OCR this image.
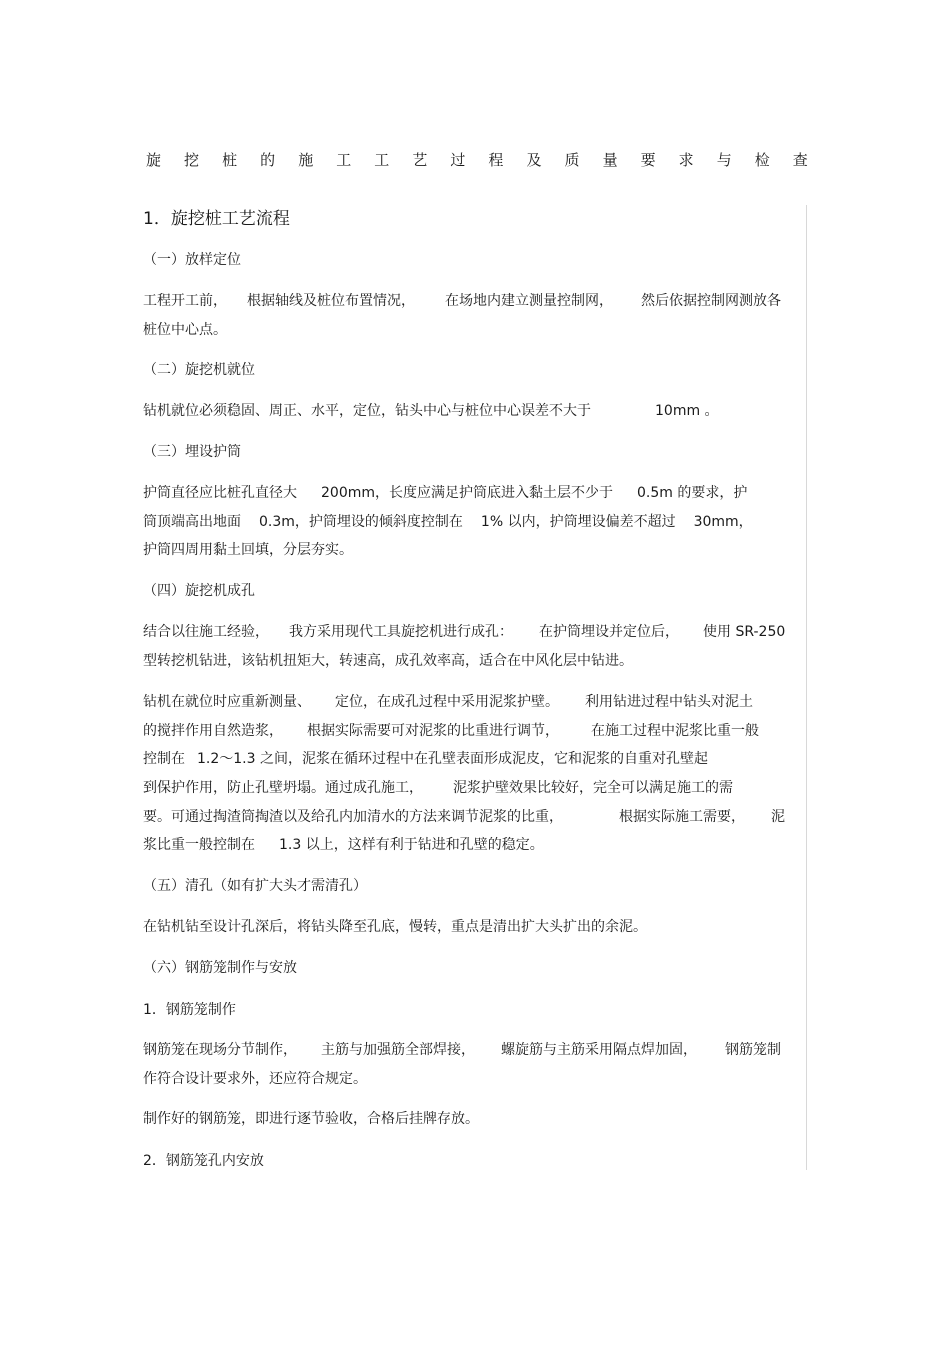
旋 挖 桩 的 施 工 工 艺 过 程 及 质 量 要 求 与 检 查
1．旋挖桩工艺流程
（一）放样定位
工程开工前， 根据轴线及桩位布置情况， 在场地内建立测量控制网， 然后依据控制网测放各
桩位中心点。
（二）旋挖机就位
钻机就位必须稳固、周正、水平，定位，钻头中心与桩位中心误差不大于	10mm 。
（三）埋设护筒
护筒直径应比桩孔直径大 200mm，长度应满足护筒底进入黏土层不少于 0.5m 的要求，护
筒顶端高出地面 0.3m，护筒埋设的倾斜度控制在 1% 以内，护筒埋设偏差不超过 30mm，
护筒四周用黏土回填，分层夯实。
（四）旋挖机成孔
结合以往施工经验， 我方采用现代工具旋挖机进行成孔： 在护筒埋设并定位后， 使用 SR-250
型转挖机钻进，该钻机扭矩大，转速高，成孔效率高，适合在中风化层中钻进。
钻机在就位时应重新测量、 定位，在成孔过程中采用泥浆护壁。 利用钻进过程中钻头对泥土
的搅拌作用自然造浆， 根据实际需要可对泥浆的比重进行调节， 在施工过程中泥浆比重一般
控制在 1.2～1.3 之间，泥浆在循环过程中在孔壁表面形成泥皮，它和泥浆的自重对孔壁起
到保护作用，防止孔壁坍塌。通过成孔施工， 泥浆护壁效果比较好，完全可以满足施工的需
要。可通过掏渣筒掏渣以及给孔内加清水的方法来调节泥浆的比重，	根据实际施工需要， 泥
浆比重一般控制在 1.3 以上，这样有利于钻进和孔壁的稳定。
（五）清孔（如有扩大头才需清孔）
在钻机钻至设计孔深后，将钻头降至孔底，慢转，重点是清出扩大头扩出的余泥。
（六）钢筋笼制作与安放
1．钢筋笼制作
钢筋笼在现场分节制作， 主筋与加强筋全部焊接， 螺旋筋与主筋采用隔点焊加固， 钢筋笼制
作符合设计要求外，还应符合规定。
制作好的钢筋笼，即进行逐节验收，合格后挂牌存放。
2．钢筋笼孔内安放
